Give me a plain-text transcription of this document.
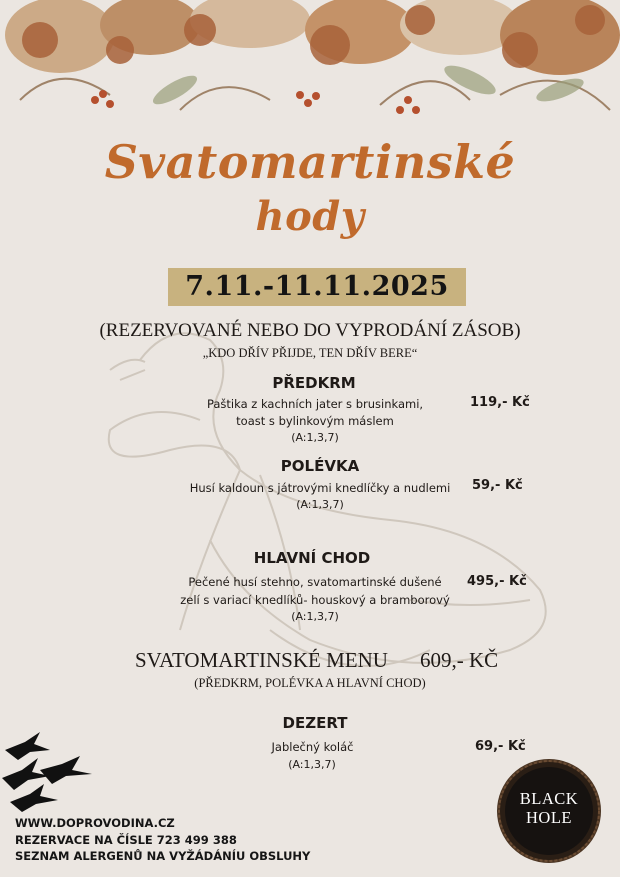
Svatomartinské
hody
7.11.-11.11.2025
(REZERVOVANÉ NEBO DO VYPRODÁNÍ ZÁSOB)
„KDO DŘÍV PŘIJDE, TEN DŘÍV BERE“
PŘEDKRM
Paštika z kachních jater s brusinkami,
toast s bylinkovým máslem
(A:1,3,7)
119,- Kč
POLÉVKA
Husí kaldoun s játrovými knedlíčky a nudlemi
(A:1,3,7)
59,- Kč
HLAVNÍ CHOD
Pečené husí stehno, svatomartinské dušené
zelí s variací knedlíků- houskový a bramborový
(A:1,3,7)
495,- Kč
SVATOMARTINSKÉ MENU 609,- KČ
(PŘEDKRM, POLÉVKA A HLAVNÍ CHOD)
DEZERT
Jablečný koláč
(A:1,3,7)
69,- Kč
WWW.DOPROVODINA.CZ
REZERVACE NA ČÍSLE 723 499 388
SEZNAM ALERGENŮ NA VYŽÁDÁNÍU OBSLUHY
BLACK
HOLE
